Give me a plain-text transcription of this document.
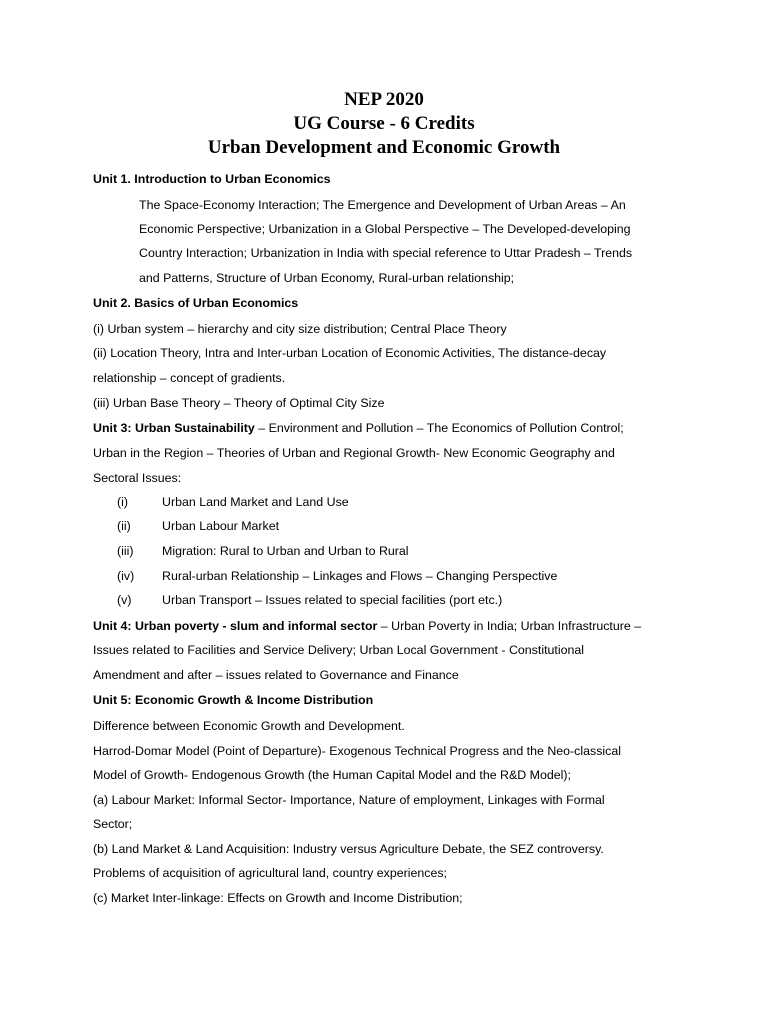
NEP 2020
UG Course - 6 Credits
Urban Development and Economic Growth

Unit 1. Introduction to Urban Economics

The Space-Economy Interaction; The Emergence and Development of Urban Areas – An

Economic Perspective; Urbanization in a Global Perspective – The Developed-developing

Country Interaction; Urbanization in India with special reference to Uttar Pradesh – Trends

and Patterns, Structure of Urban Economy, Rural-urban relationship;

Unit 2. Basics of Urban Economics

(i) Urban system – hierarchy and city size distribution; Central Place Theory

(ii) Location Theory, Intra and Inter-urban Location of Economic Activities, The distance-decay

relationship – concept of gradients.

(iii) Urban Base Theory – Theory of Optimal City Size

Unit 3: Urban Sustainability – Environment and Pollution – The Economics of Pollution Control;

Urban in the Region – Theories of Urban and Regional Growth- New Economic Geography and

Sectoral Issues:

(i)	Urban Land Market and Land Use
(ii)	Urban Labour Market
(iii) Migration: Rural to Urban and Urban to Rural
(iv) Rural-urban Relationship – Linkages and Flows – Changing Perspective
(v) Urban Transport – Issues related to special facilities (port etc.)

Unit 4: Urban poverty - slum and informal sector – Urban Poverty in India; Urban Infrastructure –

Issues related to Facilities and Service Delivery; Urban Local Government - Constitutional

Amendment and after – issues related to Governance and Finance

Unit 5: Economic Growth & Income Distribution

Difference between Economic Growth and Development.

Harrod-Domar Model (Point of Departure)- Exogenous Technical Progress and the Neo-classical

Model of Growth- Endogenous Growth (the Human Capital Model and the R&D Model);

(a) Labour Market: Informal Sector- Importance, Nature of employment, Linkages with Formal

Sector;

(b) Land Market & Land Acquisition: Industry versus Agriculture Debate, the SEZ controversy.

Problems of acquisition of agricultural land, country experiences;

(c) Market Inter-linkage: Effects on Growth and Income Distribution;
